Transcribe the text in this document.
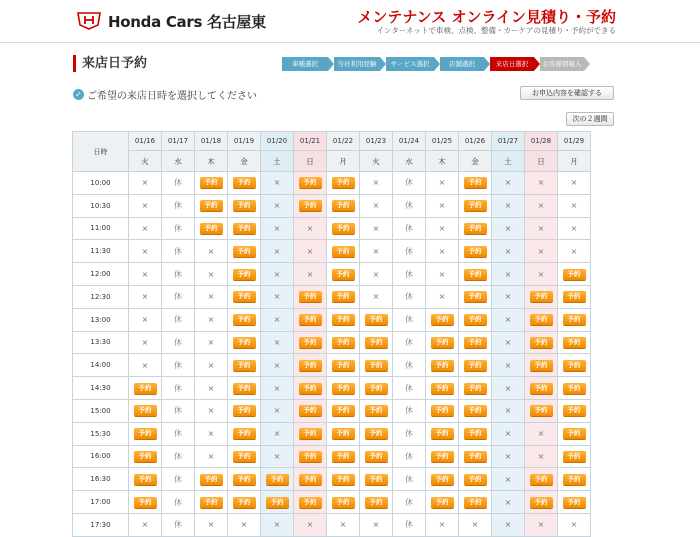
Honda Cars 名古屋東	メンテナンス オンライン見積り・予約
インターネットで車検、点検、整備・カーケアの見積り・予約ができる
来店日予約	車種選択	当社利用経験	サービス選択	店舗選択	来店日選択	お客様情報入力
✓ ご希望の来店日時を選択してください	お申込内容を確認する
次の２週間
日時	01/16	01/17	01/18	01/19	01/20	01/21	01/22	01/23	01/24	01/25	01/26	01/27	01/28	01/29
	火	水	木	金	土	日	月	火	水	木	金	土	日	月
10:00	×	休	予約	予約	×	予約	予約	×	休	×	予約	×	×	×
10:30	×	休	予約	予約	×	予約	予約	×	休	×	予約	×	×	×
11:00	×	休	予約	予約	×	×	予約	×	休	×	予約	×	×	×
11:30	×	休	×	予約	×	×	予約	×	休	×	予約	×	×	×
12:00	×	休	×	予約	×	×	予約	×	休	×	予約	×	×	予約
12:30	×	休	×	予約	×	予約	予約	×	休	×	予約	×	予約	予約
13:00	×	休	×	予約	×	予約	予約	予約	休	予約	予約	×	予約	予約
13:30	×	休	×	予約	×	予約	予約	予約	休	予約	予約	×	予約	予約
14:00	×	休	×	予約	×	予約	予約	予約	休	予約	予約	×	予約	予約
14:30	予約	休	×	予約	×	予約	予約	予約	休	予約	予約	×	予約	予約
15:00	予約	休	×	予約	×	予約	予約	予約	休	予約	予約	×	予約	予約
15:30	予約	休	×	予約	×	予約	予約	予約	休	予約	予約	×	×	予約
16:00	予約	休	×	予約	×	予約	予約	予約	休	予約	予約	×	×	予約
16:30	予約	休	予約	予約	予約	予約	予約	予約	休	予約	予約	×	予約	予約
17:00	予約	休	予約	予約	予約	予約	予約	予約	休	予約	予約	×	予約	予約
17:30	×	休	×	×	×	×	×	×	休	×	×	×	×	×
